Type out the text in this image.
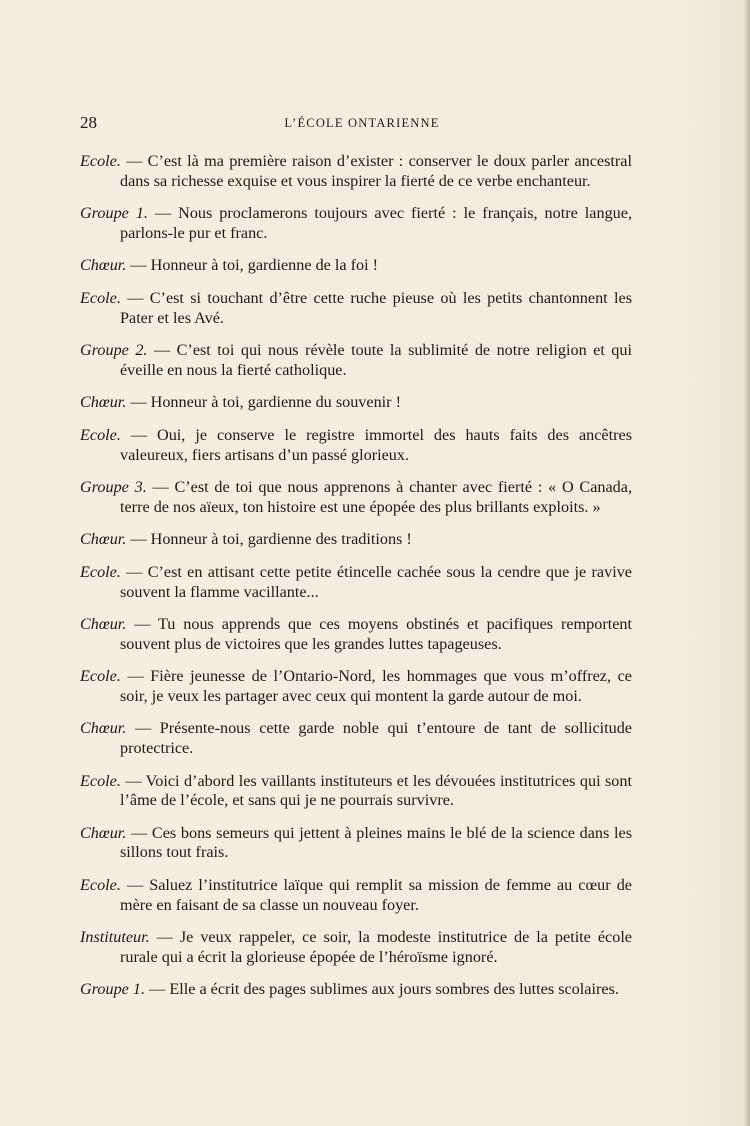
28	L’ÉCOLE ONTARIENNE

Ecole. — C’est là ma première raison d’exister : conserver le doux parler ancestral dans sa richesse exquise et vous inspirer la fierté de ce verbe enchanteur.

Groupe 1. — Nous proclamerons toujours avec fierté : le français, notre langue, parlons-le pur et franc.

Chœur. — Honneur à toi, gardienne de la foi !

Ecole. — C’est si touchant d’être cette ruche pieuse où les petits chantonnent les Pater et les Avé.

Groupe 2. — C’est toi qui nous révèle toute la sublimité de notre religion et qui éveille en nous la fierté catholique.

Chœur. — Honneur à toi, gardienne du souvenir !

Ecole. — Oui, je conserve le registre immortel des hauts faits des ancêtres valeureux, fiers artisans d’un passé glorieux.

Groupe 3. — C’est de toi que nous apprenons à chanter avec fierté : « O Canada, terre de nos aïeux, ton histoire est une épopée des plus brillants exploits. »

Chœur. — Honneur à toi, gardienne des traditions !

Ecole. — C’est en attisant cette petite étincelle cachée sous la cendre que je ravive souvent la flamme vacillante...

Chœur. — Tu nous apprends que ces moyens obstinés et pacifiques remportent souvent plus de victoires que les grandes luttes tapageuses.

Ecole. — Fière jeunesse de l’Ontario-Nord, les hommages que vous m’offrez, ce soir, je veux les partager avec ceux qui montent la garde autour de moi.

Chœur. — Présente-nous cette garde noble qui t’entoure de tant de sollicitude protectrice.

Ecole. — Voici d’abord les vaillants instituteurs et les dévouées institutrices qui sont l’âme de l’école, et sans qui je ne pourrais survivre.

Chœur. — Ces bons semeurs qui jettent à pleines mains le blé de la science dans les sillons tout frais.

Ecole. — Saluez l’institutrice laïque qui remplit sa mission de femme au cœur de mère en faisant de sa classe un nouveau foyer.

Instituteur. — Je veux rappeler, ce soir, la modeste institutrice de la petite école rurale qui a écrit la glorieuse épopée de l’héroïsme ignoré.

Groupe 1. — Elle a écrit des pages sublimes aux jours sombres des luttes scolaires.
